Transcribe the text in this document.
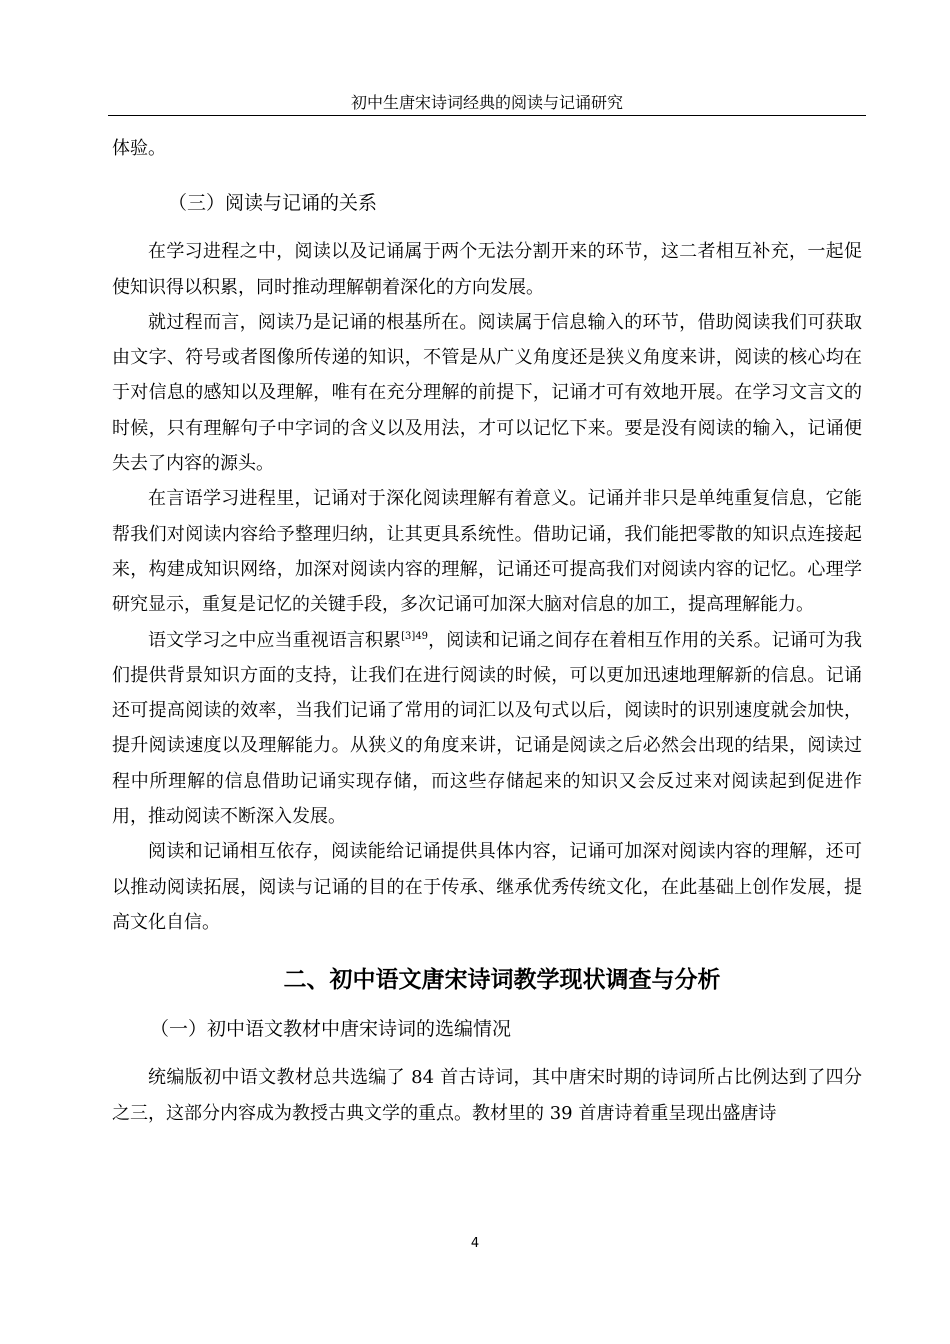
初中生唐宋诗词经典的阅读与记诵研究

体验。

（三）阅读与记诵的关系

在学习进程之中，阅读以及记诵属于两个无法分割开来的环节，这二者相互补充，一起促使知识得以积累，同时推动理解朝着深化的方向发展。

就过程而言，阅读乃是记诵的根基所在。阅读属于信息输入的环节，借助阅读我们可获取由文字、符号或者图像所传递的知识，不管是从广义角度还是狭义角度来讲，阅读的核心均在于对信息的感知以及理解，唯有在充分理解的前提下，记诵才可有效地开展。在学习文言文的时候，只有理解句子中字词的含义以及用法，才可以记忆下来。要是没有阅读的输入，记诵便失去了内容的源头。

在言语学习进程里，记诵对于深化阅读理解有着意义。记诵并非只是单纯重复信息，它能帮我们对阅读内容给予整理归纳，让其更具系统性。借助记诵，我们能把零散的知识点连接起来，构建成知识网络，加深对阅读内容的理解，记诵还可提高我们对阅读内容的记忆。心理学研究显示，重复是记忆的关键手段，多次记诵可加深大脑对信息的加工，提高理解能力。

语文学习之中应当重视语言积累$^{[3]49}$，阅读和记诵之间存在着相互作用的关系。记诵可为我们提供背景知识方面的支持，让我们在进行阅读的时候，可以更加迅速地理解新的信息。记诵还可提高阅读的效率，当我们记诵了常用的词汇以及句式以后，阅读时的识别速度就会加快，提升阅读速度以及理解能力。从狭义的角度来讲，记诵是阅读之后必然会出现的结果，阅读过程中所理解的信息借助记诵实现存储，而这些存储起来的知识又会反过来对阅读起到促进作用，推动阅读不断深入发展。

阅读和记诵相互依存，阅读能给记诵提供具体内容，记诵可加深对阅读内容的理解，还可以推动阅读拓展，阅读与记诵的目的在于传承、继承优秀传统文化，在此基础上创作发展，提高文化自信。

二、初中语文唐宋诗词教学现状调查与分析
（一）初中语文教材中唐宋诗词的选编情况

统编版初中语文教材总共选编了 84 首古诗词，其中唐宋时期的诗词所占比例达到了四分之三，这部分内容成为教授古典文学的重点。教材里的 39 首唐诗着重呈现出盛唐诗

4
